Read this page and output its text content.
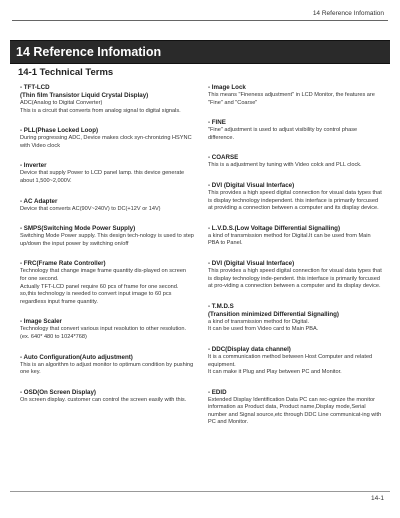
14 Reference Infomation
14 Reference Infomation
14-1 Technical Terms
- TFT-LCD
(Thin film Transistor Liquid Crystal Display)
ADC(Analog to Digital Converter)
This is a circuit that converts from analog signal to digital signals.
- PLL(Phase Locked Loop)
During progressing ADC, Device makes clock syn-chronizing HSYNC with Video clock
- Inverter
Device that supply Power to LCD panel lamp. this device generate about 1,500~2,000V.
- AC Adapter
Device that converts AC(90V~240V) to DC(+12V or 14V)
- SMPS(Switching Mode Power Supply)
Switching Mode Power supply. This design tech-nology is used to step up/down the input power by switching on/off
- FRC(Frame Rate Controller)
Technology that change image frame quantity dis-played on screen for one second.
Actually TFT-LCD panel require 60 pcs of frame for one second.
so,this technology is needed to convert input image to 60 pcs regardless input frame quantity.
- Image Scaler
Technology that convert various input resolution to other resolution.(ex. 640* 480 to 1024*768)
- Auto Configuration(Auto adjustment)
This is an algorithm to adjust monitor to optimum condition by pushing one key.
- OSD(On Screen Display)
On screen display. customer can control the screen easily with this.
- Image Lock
This means "Fineness adjustment" in LCD Monitor, the features are "Fine" and "Coarse"
- FINE
"Fine" adjustment is used to adjust visibility by control phase difference.
- COARSE
This is a adjustment by tuning with Video colck and PLL clock.
- DVI (Digital Visual Interface)
This provides a high speed digital connection for visual data types that is display technology independent. this interface is primarily forcused at providing a connection between a computer and its display device.
- L.V.D.S.(Low Voltage Differential Signalling)
a kind of transmission method for Digital.It can be used from Main PBA to Panel.
- DVI (Digital Visual Interface)
This provides a high speed digital connection for visual data types that is display technology inde-pendent. this interface is primarily forcused at pro-viding a connection between a computer and its display device.
- T.M.D.S
(Transition minimized Differential Signalling)
a kind of transmission method for Digital.
It can be used from Video card to Main PBA.
- DDC(Display data channel)
It is a communication method between Host Computer and related equipment.
It can make it Plug and Play between PC and Monitor.
- EDID
Extended Display Identification Data PC can rec-ognize the monitor information as Product data, Product name,Display mode,Serial number and Signal source,etc through DDC Line communicat-ing with PC and Monitor.
14-1
